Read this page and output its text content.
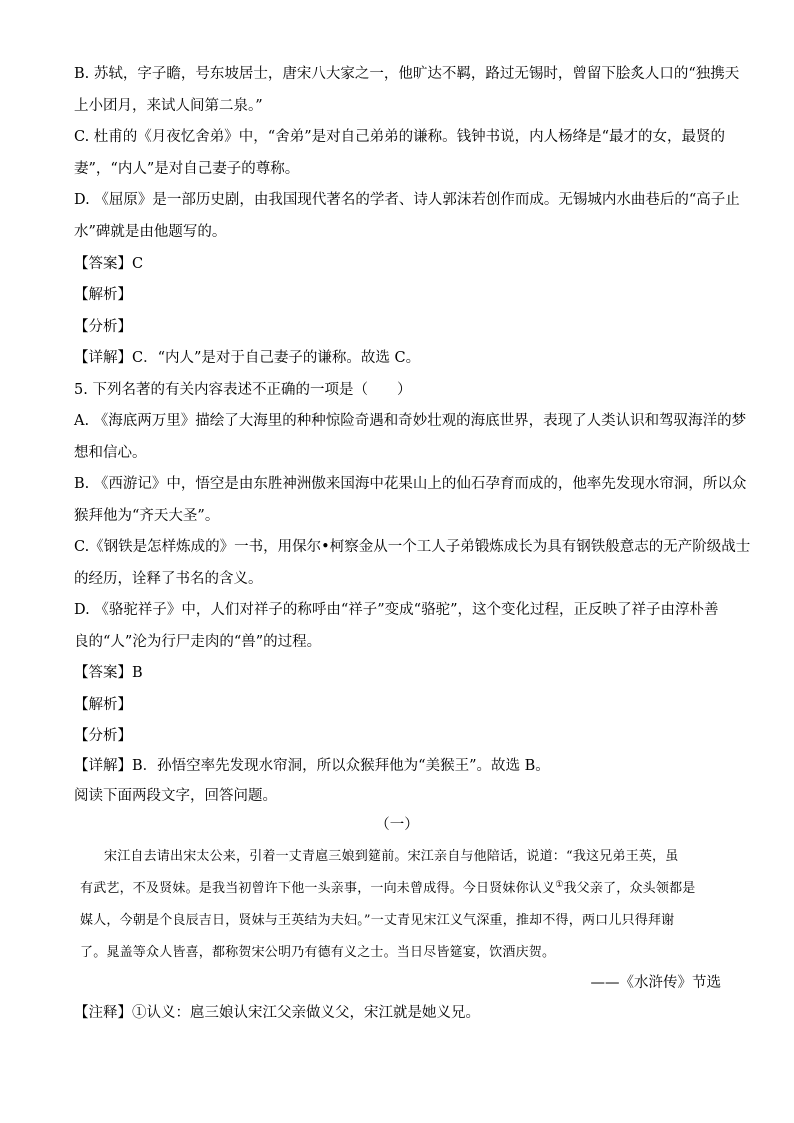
B. 苏轼，字子瞻，号东坡居士，唐宋八大家之一，他旷达不羁，路过无锡时，曾留下脍炙人口的“独携天
上小团月，来试人间第二泉。”
C. 杜甫的《月夜忆舍弟》中，“舍弟”是对自己弟弟的谦称。钱钟书说，内人杨绛是“最才的女，最贤的
妻”，“内人”是对自己妻子的尊称。
D. 《屈原》是一部历史剧，由我国现代著名的学者、诗人郭沫若创作而成。无锡城内水曲巷后的“高子止
水”碑就是由他题写的。
【答案】C
【解析】
【分析】
【详解】C．“内人”是对于自己妻子的谦称。故选 C。
5. 下列名著的有关内容表述不正确的一项是（　　）
A. 《海底两万里》描绘了大海里的种种惊险奇遇和奇妙壮观的海底世界，表现了人类认识和驾驭海洋的梦
想和信心。
B. 《西游记》中，悟空是由东胜神洲傲来国海中花果山上的仙石孕育而成的，他率先发现水帘洞，所以众
猴拜他为“齐天大圣”。
C.《钢铁是怎样炼成的》一书，用保尔•柯察金从一个工人子弟锻炼成长为具有钢铁般意志的无产阶级战士
的经历，诠释了书名的含义。
D. 《骆驼祥子》中，人们对祥子的称呼由“祥子”变成“骆驼”，这个变化过程，正反映了祥子由淳朴善
良的“人”沦为行尸走肉的“兽”的过程。
【答案】B
【解析】
【分析】
【详解】B．孙悟空率先发现水帘洞，所以众猴拜他为“美猴王”。故选 B。
阅读下面两段文字，回答问题。
（一）
宋江自去请出宋太公来，引着一丈青扈三娘到筵前。宋江亲自与他陪话，说道：“我这兄弟王英，虽
有武艺，不及贤妹。是我当初曾许下他一头亲事，一向未曾成得。今日贤妹你认义①我父亲了，众头领都是
媒人，今朝是个良辰吉日，贤妹与王英结为夫妇。”一丈青见宋江义气深重，推却不得，两口儿只得拜谢
了。晁盖等众人皆喜，都称贺宋公明乃有德有义之士。当日尽皆筵宴，饮酒庆贺。
——《水浒传》节选
【注释】①认义：扈三娘认宋江父亲做义父，宋江就是她义兄。
